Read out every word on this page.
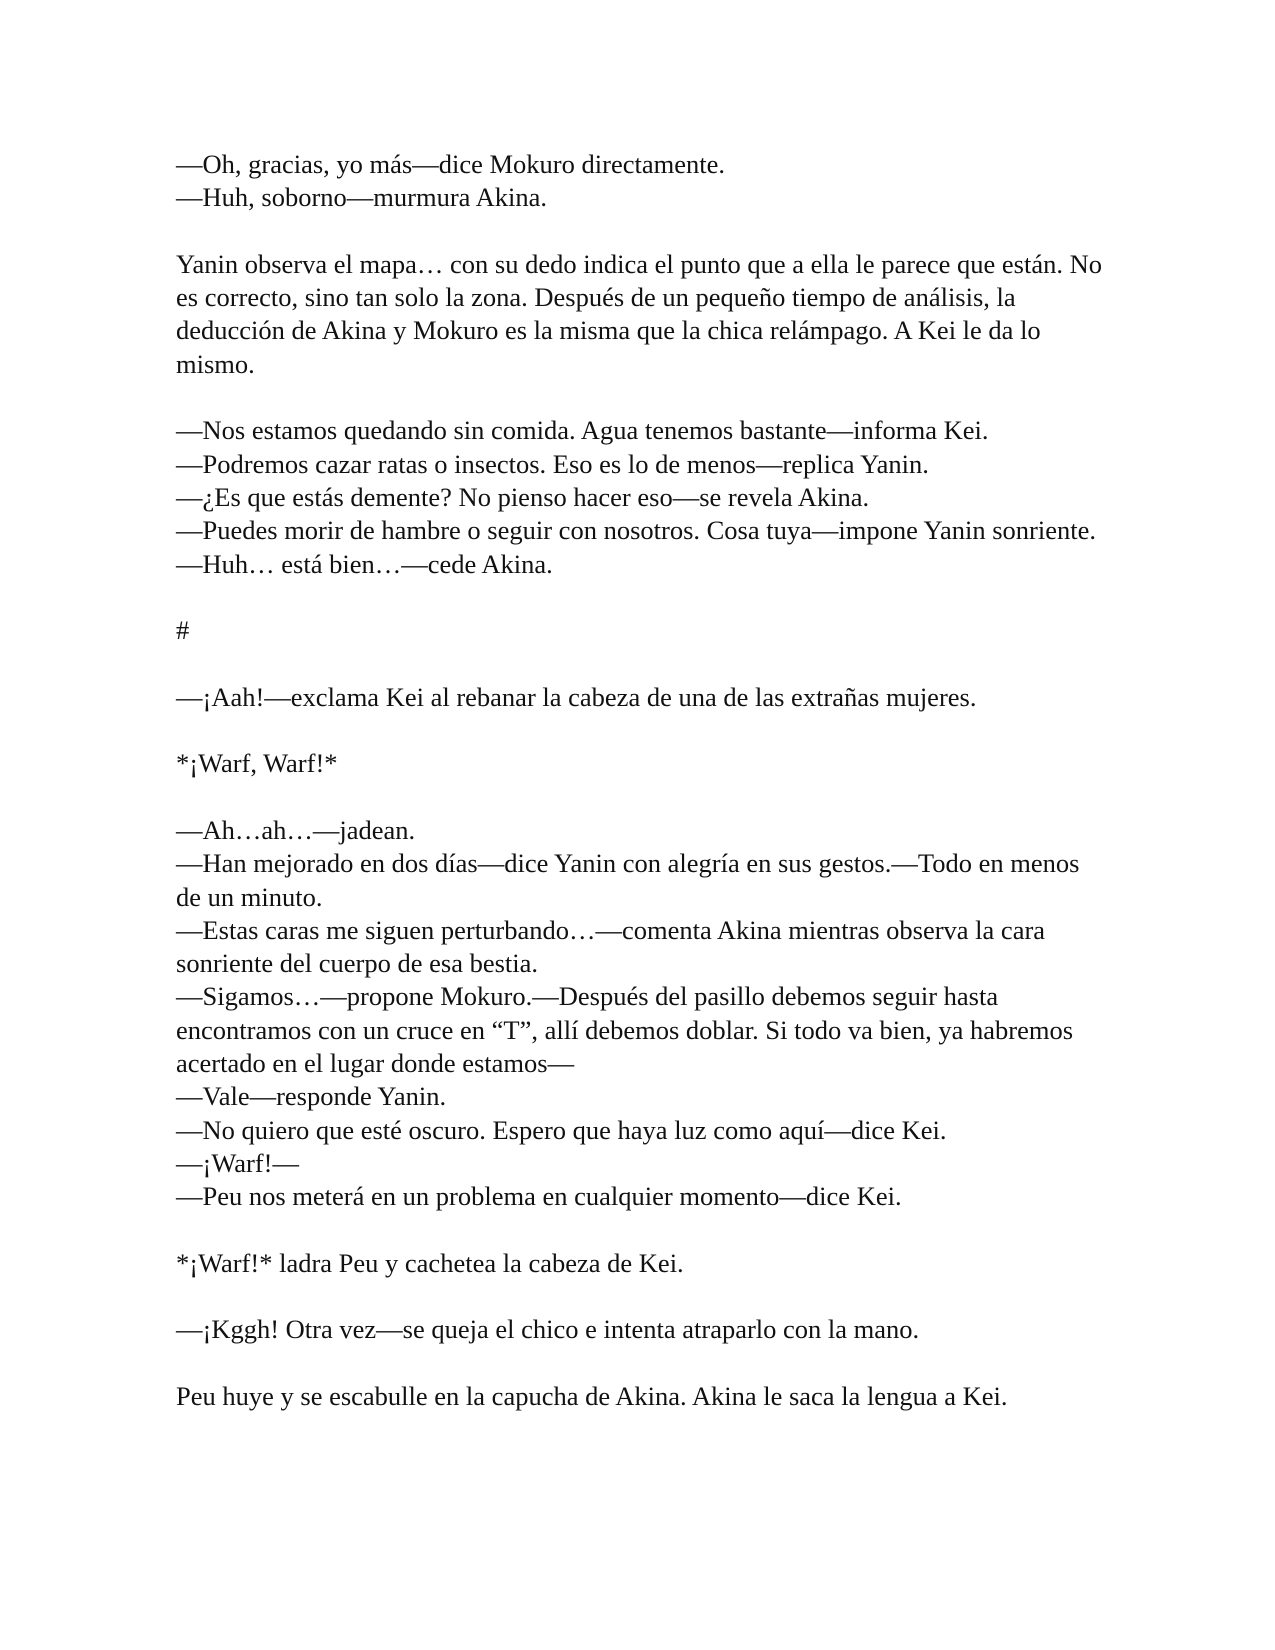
—Oh, gracias, yo más—dice Mokuro directamente.

—Huh, soborno—murmura Akina.

Yanin observa el mapa… con su dedo indica el punto que a ella le parece que están. No es correcto, sino tan solo la zona. Después de un pequeño tiempo de análisis, la deducción de Akina y Mokuro es la misma que la chica relámpago. A Kei le da lo mismo.

—Nos estamos quedando sin comida. Agua tenemos bastante—informa Kei.

—Podremos cazar ratas o insectos. Eso es lo de menos—replica Yanin.

—¿Es que estás demente? No pienso hacer eso—se revela Akina.

—Puedes morir de hambre o seguir con nosotros. Cosa tuya—impone Yanin sonriente.

—Huh… está bien…—cede Akina.

#

—¡Aah!—exclama Kei al rebanar la cabeza de una de las extrañas mujeres.

*¡Warf, Warf!*

—Ah…ah…—jadean.

—Han mejorado en dos días—dice Yanin con alegría en sus gestos.—Todo en menos de un minuto.

—Estas caras me siguen perturbando…—comenta Akina mientras observa la cara sonriente del cuerpo de esa bestia.

—Sigamos…—propone Mokuro.—Después del pasillo debemos seguir hasta encontramos con un cruce en “T”, allí debemos doblar. Si todo va bien, ya habremos acertado en el lugar donde estamos—

—Vale—responde Yanin.

—No quiero que esté oscuro. Espero que haya luz como aquí—dice Kei.

—¡Warf!—

—Peu nos meterá en un problema en cualquier momento—dice Kei.

*¡Warf!* ladra Peu y cachetea la cabeza de Kei.

—¡Kggh! Otra vez—se queja el chico e intenta atraparlo con la mano.

Peu huye y se escabulle en la capucha de Akina. Akina le saca la lengua a Kei.
